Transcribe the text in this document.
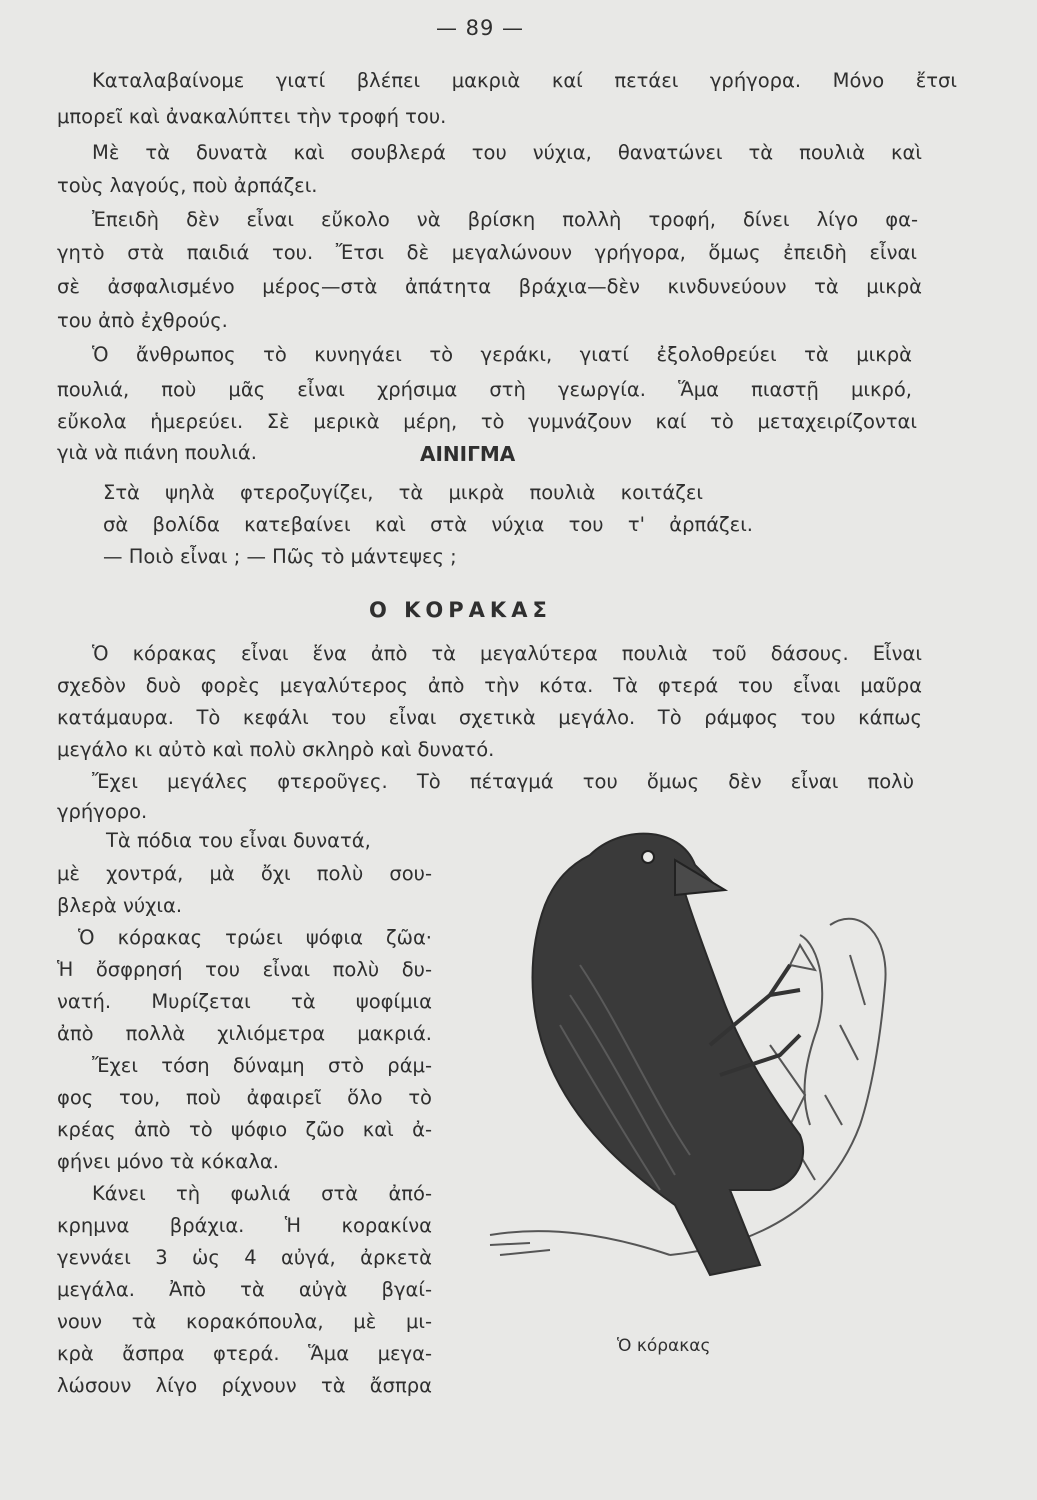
— 89 —
Καταλαβαίνομε γιατί βλέπει μακριὰ καί πετάει γρήγορα. Μόνο ἔτσι
μπορεῖ καὶ ἀνακαλύπτει τὴν τροφή του.
Μὲ τὰ δυνατὰ καὶ σουβλερά του νύχια, θανατώνει τὰ πουλιὰ καὶ
τοὺς λαγούς, ποὺ ἀρπάζει.
Ἐπειδὴ δὲν εἶναι εὔκολο νὰ βρίσκη πολλὴ τροφή, δίνει λίγο φα-
γητὸ στὰ παιδιά του. Ἔτσι δὲ μεγαλώνουν γρήγορα, ὅμως ἐπειδὴ εἶναι
σὲ ἀσφαλισμένο μέρος—στὰ ἀπάτητα βράχια—δὲν κινδυνεύουν τὰ μικρὰ
του ἀπὸ ἐχθρούς.
Ὁ ἄνθρωπος τὸ κυνηγάει τὸ γεράκι, γιατί ἐξολοθρεύει τὰ μικρὰ
πουλιά, ποὺ μᾶς εἶναι χρήσιμα στὴ γεωργία. Ἅμα πιαστῇ μικρό,
εὔκολα ἡμερεύει. Σὲ μερικὰ μέρη, τὸ γυμνάζουν καί τὸ μεταχειρίζονται
γιὰ νὰ πιάνη πουλιά.	ΑΙΝΙΓΜΑ
Στὰ ψηλὰ φτεροζυγίζει, τὰ μικρὰ πουλιὰ κοιτάζει
σὰ βολίδα κατεβαίνει καὶ στὰ νύχια του τ' ἀρπάζει.
— Ποιὸ εἶναι ; — Πῶς τὸ μάντεψες ;
Ο ΚΟΡΑΚΑΣ
Ὁ κόρακας εἶναι ἕνα ἀπὸ τὰ μεγαλύτερα πουλιὰ τοῦ δάσους. Εἶναι
σχεδὸν δυὸ φορὲς μεγαλύτερος ἀπὸ τὴν κότα. Τὰ φτερά του εἶναι μαῦρα
κατάμαυρα. Τὸ κεφάλι του εἶναι σχετικὰ μεγάλο. Τὸ ράμφος του κάπως
μεγάλο κι αὐτὸ καὶ πολὺ σκληρὸ καὶ δυνατό.
Ἔχει μεγάλες φτεροῦγες. Τὸ πέταγμά του ὅμως δὲν εἶναι πολὺ
γρήγορο.
Τὰ πόδια του εἶναι δυνατά,
μὲ χοντρά, μὰ ὄχι πολὺ σου-
βλερὰ νύχια.
Ὁ κόρακας τρώει ψόφια ζῶα·
Ἡ ὄσφρησή του εἶναι πολὺ δυ-
νατή. Μυρίζεται τὰ ψοφίμια
ἀπὸ πολλὰ χιλιόμετρα μακριά.
Ἔχει τόση δύναμη στὸ ράμ-
φος του, ποὺ ἀφαιρεῖ ὅλο τὸ
κρέας ἀπὸ τὸ ψόφιο ζῶο καὶ ἀ-
φήνει μόνο τὰ κόκαλα.
Κάνει τὴ φωλιά στὰ ἀπό-
κρημνα βράχια. Ἡ κορακίνα
γεννάει 3 ὡς 4 αὐγά, ἀρκετὰ
μεγάλα. Ἀπὸ τὰ αὐγὰ βγαί-
νουν τὰ κορακόπουλα, μὲ μι-
κρὰ ἄσπρα φτερά. Ἅμα μεγα-
λώσουν λίγο ρίχνουν τὰ ἄσπρα
Ὁ κόρακας
